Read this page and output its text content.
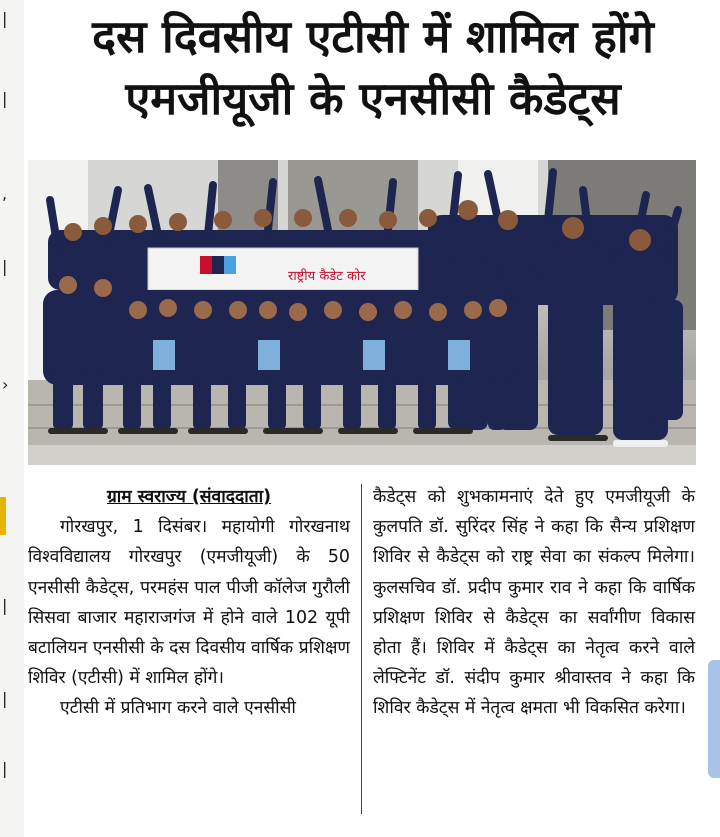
|
|
,
|
›
|
|
|
दस दिवसीय एटीसी में शामिल होंगे
एमजीयूजी के एनसीसी कैडेट्स
राष्ट्रीय कैडेट कोर
ग्राम स्वराज्य (संवाददाता)
गोरखपुर, 1 दिसंबर। महायोगी गोरखनाथ विश्वविद्यालय गोरखपुर (एमजीयूजी) के 50 एनसीसी कैडेट्स, परमहंस पाल पीजी कॉलेज गुरौली सिसवा बाजार महाराजगंज में होने वाले 102 यूपी बटालियन एनसीसी के दस दिवसीय वार्षिक प्रशिक्षण शिविर (एटीसी) में शामिल होंगे।
एटीसी में प्रतिभाग करने वाले एनसीसी
कैडेट्स को शुभकामनाएं देते हुए एमजीयूजी के कुलपति डॉ. सुरिंदर सिंह ने कहा कि सैन्य प्रशिक्षण शिविर से कैडेट्स को राष्ट्र सेवा का संकल्प मिलेगा। कुलसचिव डॉ. प्रदीप कुमार राव ने कहा कि वार्षिक प्रशिक्षण शिविर से कैडेट्स का सर्वांगीण विकास होता हैं। शिविर में कैडेट्स का नेतृत्व करने वाले लेफ्टिनेंट डॉ. संदीप कुमार श्रीवास्तव ने कहा कि शिविर कैडेट्स में नेतृत्व क्षमता भी विकसित करेगा।
